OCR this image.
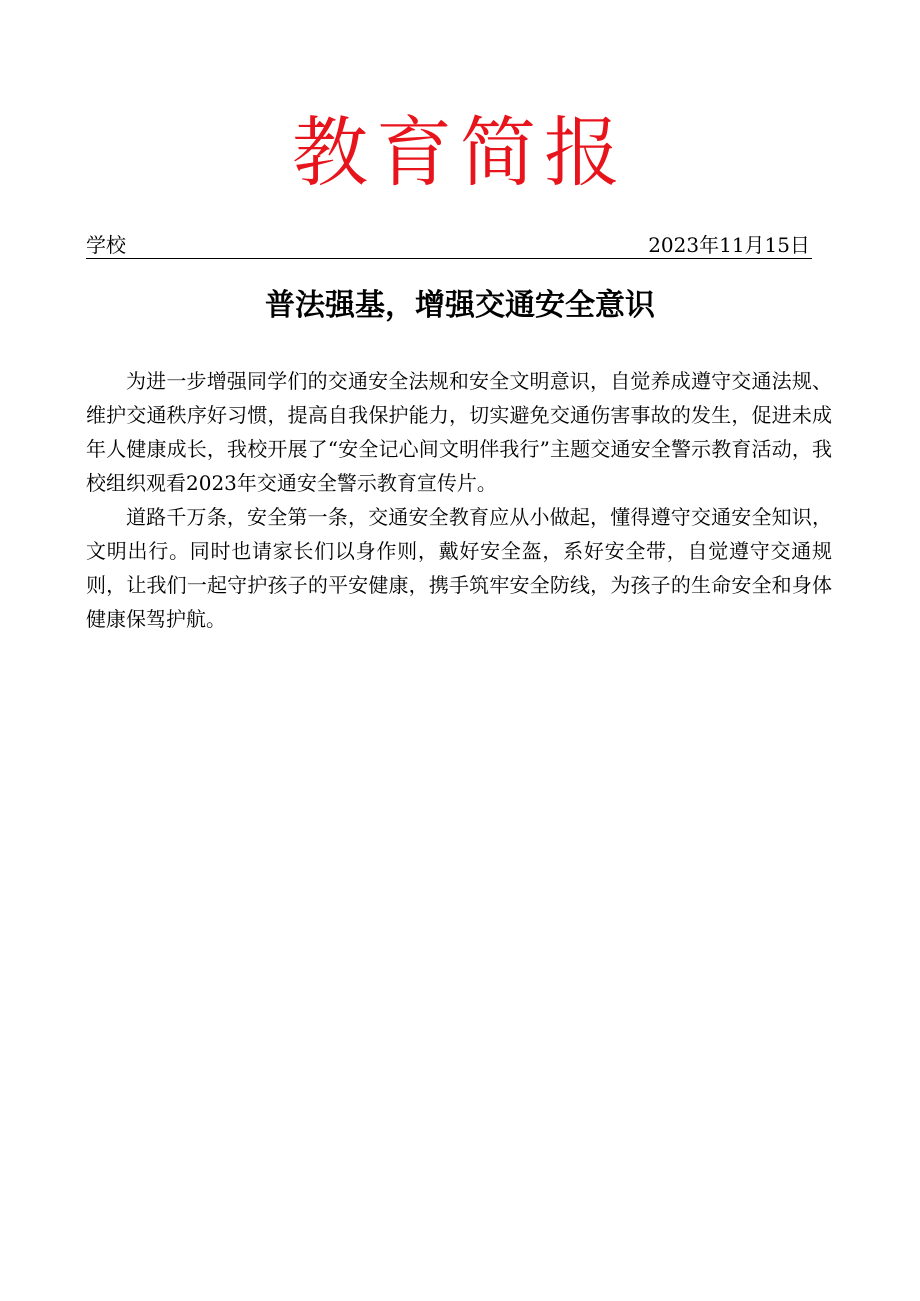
教育简报
学校	2023年11月15日
普法强基，增强交通安全意识

为进一步增强同学们的交通安全法规和安全文明意识，自觉养成遵守交通法规、维护交通秩序好习惯，提高自我保护能力，切实避免交通伤害事故的发生，促进未成年人健康成长，我校开展了“安全记心间文明伴我行”主题交通安全警示教育活动，我校组织观看2023年交通安全警示教育宣传片。

道路千万条，安全第一条，交通安全教育应从小做起，懂得遵守交通安全知识，文明出行。同时也请家长们以身作则，戴好安全盔，系好安全带，自觉遵守交通规则，让我们一起守护孩子的平安健康，携手筑牢安全防线，为孩子的生命安全和身体健康保驾护航。
